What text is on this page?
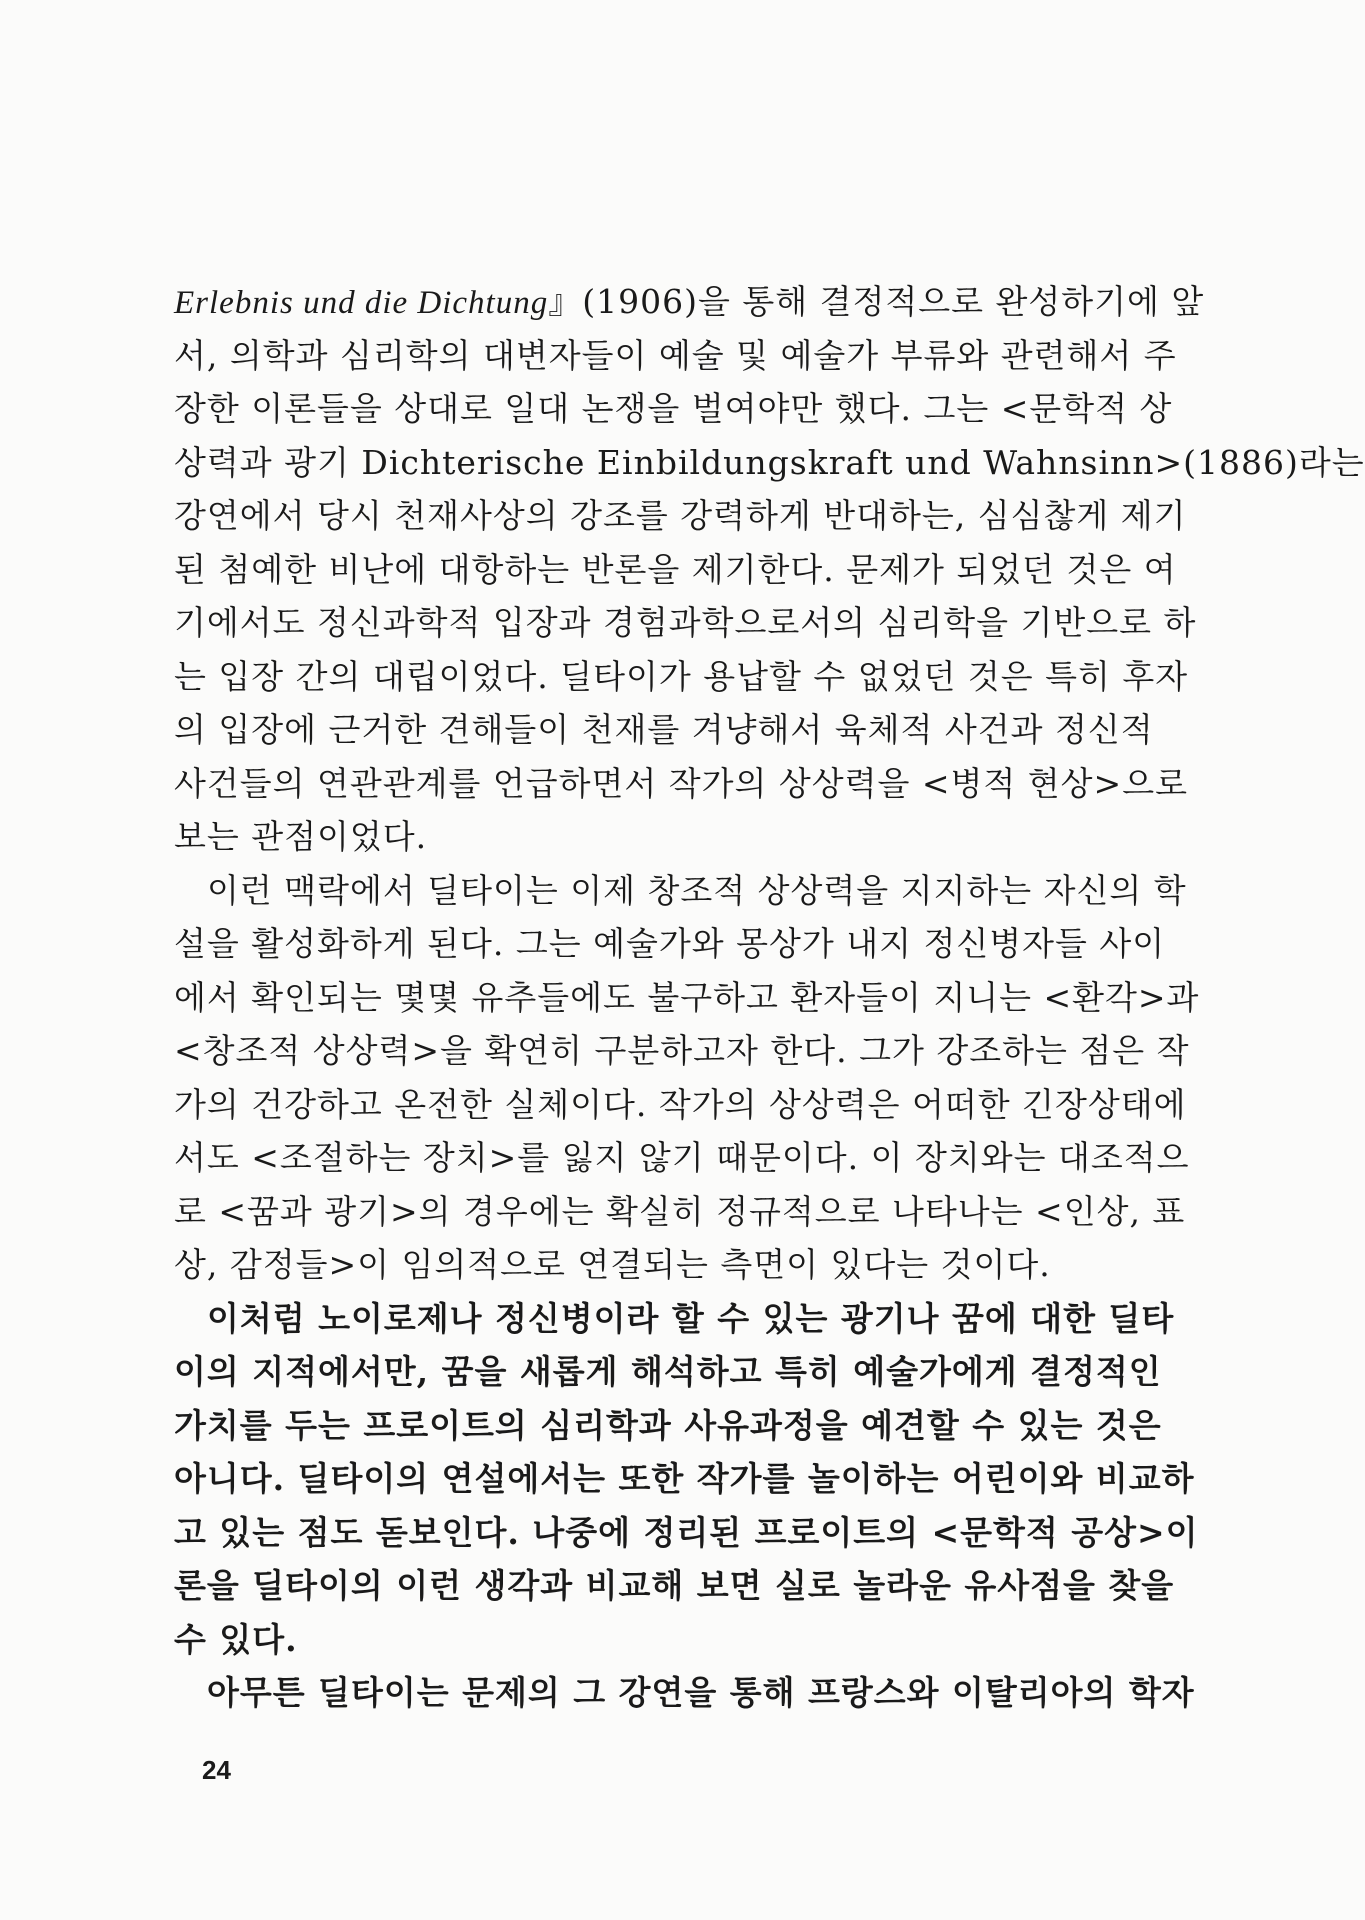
Erlebnis und die Dichtung』(1906)을 통해 결정적으로 완성하기에 앞
서, 의학과 심리학의 대변자들이 예술 및 예술가 부류와 관련해서 주
장한 이론들을 상대로 일대 논쟁을 벌여야만 했다. 그는 <문학적 상
상력과 광기 Dichterische Einbildungskraft und Wahnsinn>(1886)라는
강연에서 당시 천재사상의 강조를 강력하게 반대하는, 심심찮게 제기
된 첨예한 비난에 대항하는 반론을 제기한다. 문제가 되었던 것은 여
기에서도 정신과학적 입장과 경험과학으로서의 심리학을 기반으로 하
는 입장 간의 대립이었다. 딜타이가 용납할 수 없었던 것은 특히 후자
의 입장에 근거한 견해들이 천재를 겨냥해서 육체적 사건과 정신적
사건들의 연관관계를 언급하면서 작가의 상상력을 <병적 현상>으로
보는 관점이었다.
이런 맥락에서 딜타이는 이제 창조적 상상력을 지지하는 자신의 학
설을 활성화하게 된다. 그는 예술가와 몽상가 내지 정신병자들 사이
에서 확인되는 몇몇 유추들에도 불구하고 환자들이 지니는 <환각>과
<창조적 상상력>을 확연히 구분하고자 한다. 그가 강조하는 점은 작
가의 건강하고 온전한 실체이다. 작가의 상상력은 어떠한 긴장상태에
서도 <조절하는 장치>를 잃지 않기 때문이다. 이 장치와는 대조적으
로 <꿈과 광기>의 경우에는 확실히 정규적으로 나타나는 <인상, 표
상, 감정들>이 임의적으로 연결되는 측면이 있다는 것이다.
이처럼 노이로제나 정신병이라 할 수 있는 광기나 꿈에 대한 딜타
이의 지적에서만, 꿈을 새롭게 해석하고 특히 예술가에게 결정적인
가치를 두는 프로이트의 심리학과 사유과정을 예견할 수 있는 것은
아니다. 딜타이의 연설에서는 또한 작가를 놀이하는 어린이와 비교하
고 있는 점도 돋보인다. 나중에 정리된 프로이트의 <문학적 공상>이
론을 딜타이의 이런 생각과 비교해 보면 실로 놀라운 유사점을 찾을
수 있다.
아무튼 딜타이는 문제의 그 강연을 통해 프랑스와 이탈리아의 학자
24
